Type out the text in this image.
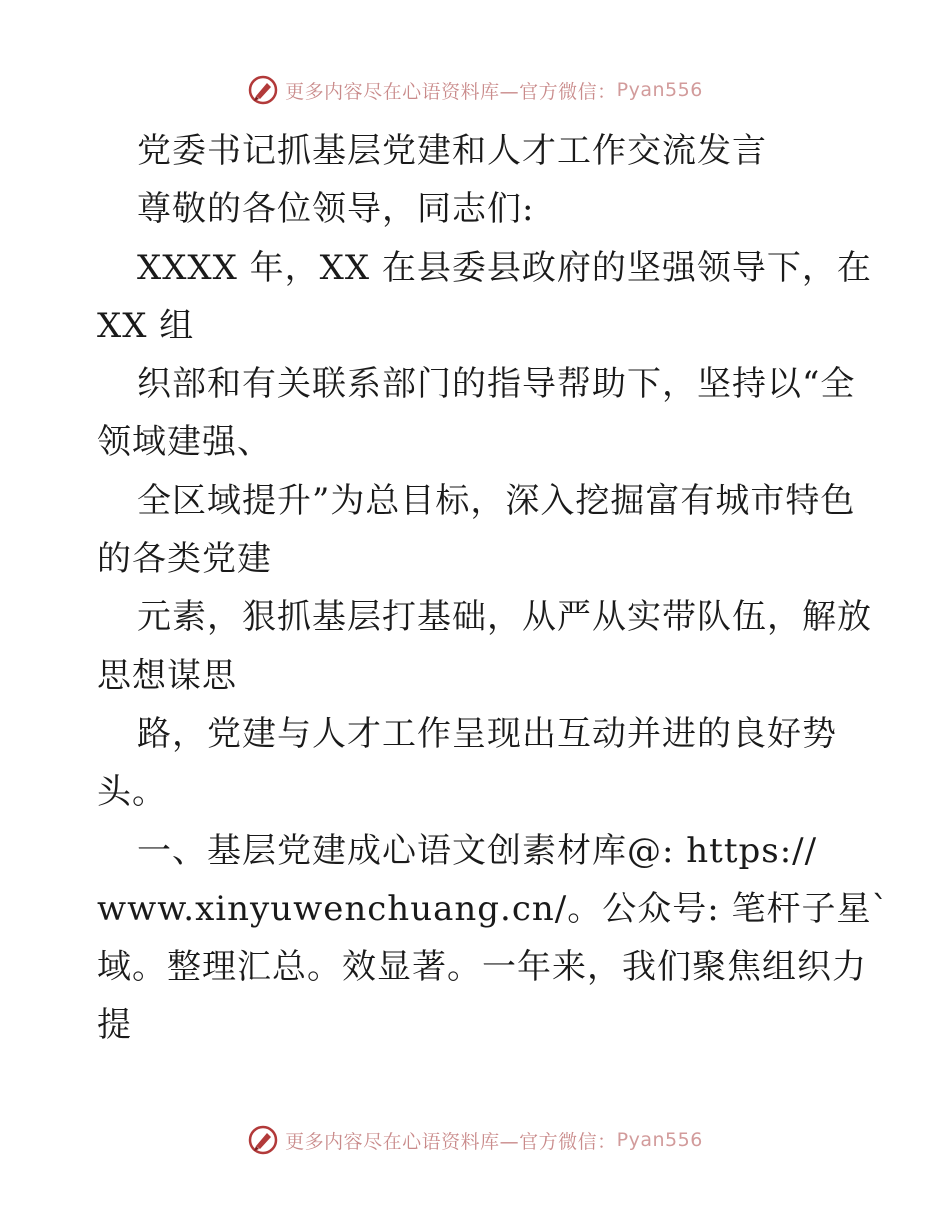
更多内容尽在心语资料库—官方微信： Pyan556
党委书记抓基层党建和人才工作交流发言
尊敬的各位领导，同志们:
XXXX 年，XX 在县委县政府的坚强领导下，在
XX 组
织部和有关联系部门的指导帮助下，坚持以“全
领域建强、
全区域提升”为总目标，深入挖掘富有城市特色
的各类党建
元素，狠抓基层打基础，从严从实带队伍，解放
思想谋思
路，党建与人才工作呈现出互动并进的良好势
头。
一、基层党建成心语文创素材库@: https://
www.xinyuwenchuang.cn/。公众号: 笔杆子星`
域。整理汇总。效显著。一年来，我们聚焦组织力
提
更多内容尽在心语资料库—官方微信： Pyan556
